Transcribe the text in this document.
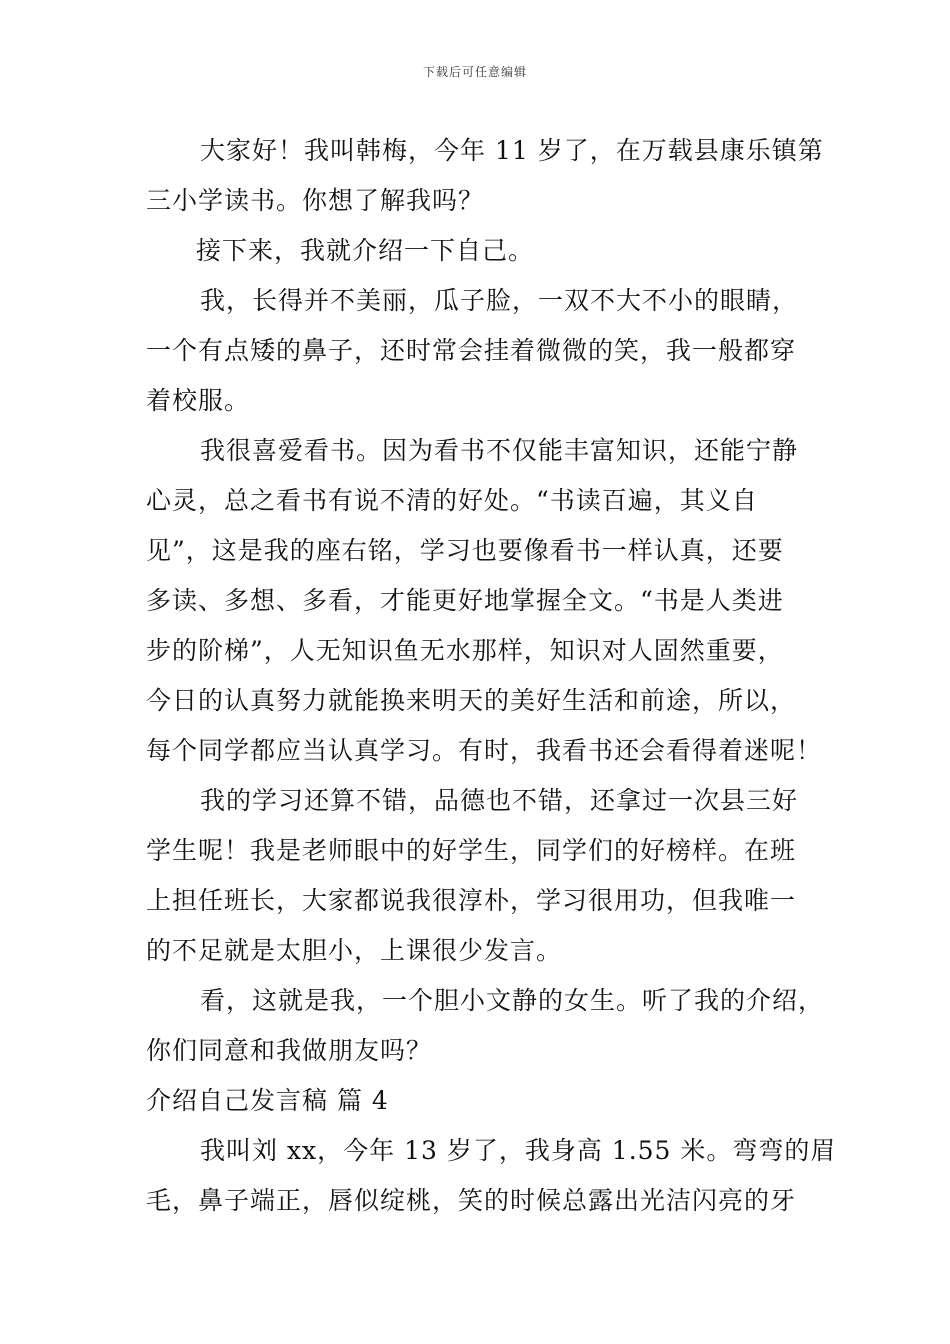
下载后可任意编辑
大家好！我叫韩梅，今年 11 岁了，在万载县康乐镇第
三小学读书。你想了解我吗？
接下来，我就介绍一下自己。
我，长得并不美丽，瓜子脸，一双不大不小的眼睛，
一个有点矮的鼻子，还时常会挂着微微的笑，我一般都穿
着校服。
我很喜爱看书。因为看书不仅能丰富知识，还能宁静
心灵，总之看书有说不清的好处。“书读百遍，其义自
见”，这是我的座右铭，学习也要像看书一样认真，还要
多读、多想、多看，才能更好地掌握全文。“书是人类进
步的阶梯”，人无知识鱼无水那样，知识对人固然重要，
今日的认真努力就能换来明天的美好生活和前途，所以，
每个同学都应当认真学习。有时，我看书还会看得着迷呢！
我的学习还算不错，品德也不错，还拿过一次县三好
学生呢！我是老师眼中的好学生，同学们的好榜样。在班
上担任班长，大家都说我很淳朴，学习很用功，但我唯一
的不足就是太胆小，上课很少发言。
看，这就是我，一个胆小文静的女生。听了我的介绍，
你们同意和我做朋友吗？
介绍自己发言稿 篇 4
我叫刘 xx，今年 13 岁了，我身高 1.55 米。弯弯的眉
毛，鼻子端正，唇似绽桃，笑的时候总露出光洁闪亮的牙
